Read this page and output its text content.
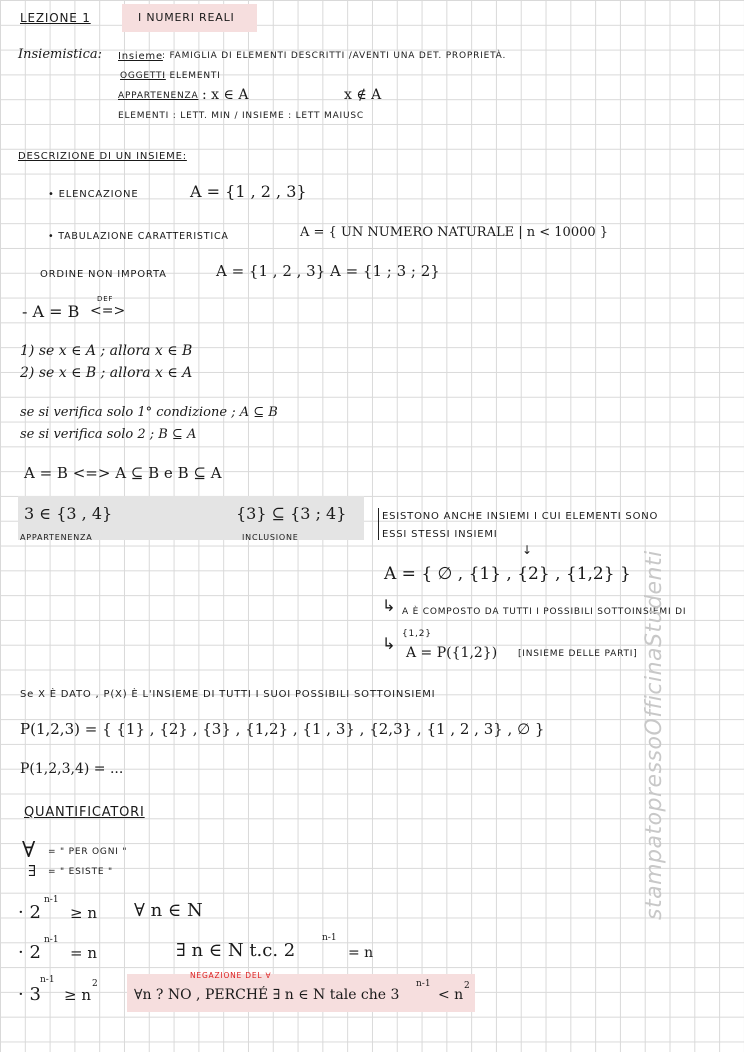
LEZIONE 1	I NUMERI REALI
Insiemistica: Insieme : FAMIGLIA DI ELEMENTI DESCRITTI /AVENTI UNA DET. PROPRIETÀ.
OGGETTI
: ELEMENTI
APPARTENENZA : x ∈ A	x ∉ A
ELEMENTI : LETT. MIN / INSIEME : LETT MAIUSC
DESCRIZIONE DI UN INSIEME:
• ELENCAZIONE	A = {1 , 2 , 3}
• TABULAZIONE CARATTERISTICA	A = { UN NUMERO NATURALE | n < 10000 }
ORDINE NON IMPORTA	A = {1 , 2 , 3} A = {1 ; 3 ; 2}
- A = B
DEF
<=>
1) se x ∈ A ; allora x ∈ B
2) se x ∈ B ; allora x ∈ A
se si verifica solo 1° condizione ; A ⊆ B
se si verifica solo 2 ; B ⊆ A
A = B <=> A ⊆ B e B ⊆ A
3 ∈ {3 , 4}
APPARTENENZA
{3} ⊆ {3 ; 4}
INCLUSIONE
ESISTONO ANCHE INSIEMI I CUI ELEMENTI SONO
ESSI STESSI INSIEMI
↓
A = { ∅ , {1} , {2} , {1,2} }
↳ A È COMPOSTO DA TUTTI I POSSIBILI SOTTOINSIEMI DI
{1,2}
↳ A = P({1,2}) [INSIEME DELLE PARTI]
Se X È DATO , P(X) È L'INSIEME DI TUTTI I SUOI POSSIBILI SOTTOINSIEMI
P(1,2,3) = { {1} , {2} , {3} , {1,2} , {1 , 3} , {2,3} , {1 , 2 , 3} , ∅ }
P(1,2,3,4) = ...
QUANTIFICATORI
∀ = " PER OGNI "
∃ = " ESISTE "
· 2
n-1
≥ n ∀ n ∈ N
· 2
n-1
= n	∃ n ∈ N t.c. 2
n-1
= n
NEGAZIONE DEL ∀
· 3
n-1
≥ n
2
∀n ? NO , PERCHÉ ∃ n ∈ N tale che 3
n-1
< n
2
stampatopressoOfficinaStudenti
